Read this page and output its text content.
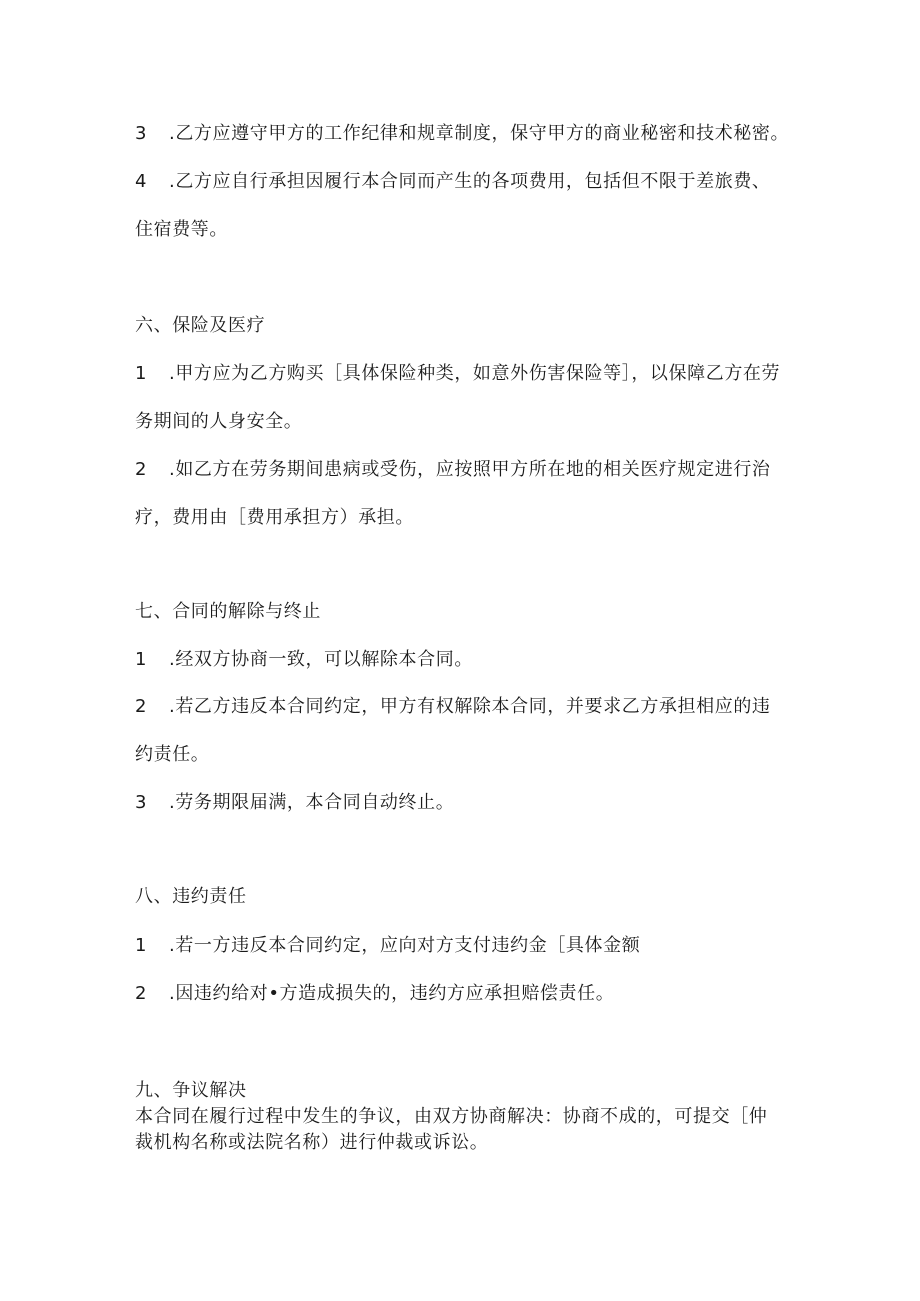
3 .乙方应遵守甲方的工作纪律和规章制度，保守甲方的商业秘密和技术秘密。
4 .乙方应自行承担因履行本合同而产生的各项费用，包括但不限于差旅费、
住宿费等。
六、保险及医疗
1 .甲方应为乙方购买［具体保险种类，如意外伤害保险等］，以保障乙方在劳
务期间的人身安全。
2 .如乙方在劳务期间患病或受伤，应按照甲方所在地的相关医疗规定进行治
疗，费用由［费用承担方）承担。
七、合同的解除与终止
1 .经双方协商一致，可以解除本合同。
2 .若乙方违反本合同约定，甲方有权解除本合同，并要求乙方承担相应的违
约责任。
3 .劳务期限届满，本合同自动终止。
八、违约责任
1 .若一方违反本合同约定，应向对方支付违约金［具体金额
2 .因违约给对•方造成损失的，违约方应承担赔偿责任。
九、争议解决
本合同在履行过程中发生的争议，由双方协商解决：协商不成的，可提交［仲
裁机构名称或法院名称）进行仲裁或诉讼。
